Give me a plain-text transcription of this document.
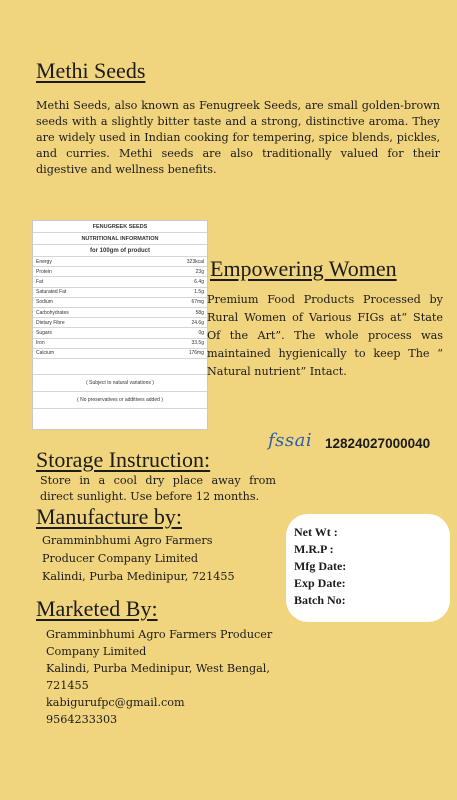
Methi Seeds
Methi Seeds, also known as Fenugreek Seeds, are small golden-brown seeds with a slightly bitter taste and a strong, distinctive aroma. They are widely used in Indian cooking for tempering, spice blends, pickles, and curries. Methi seeds are also traditionally valued for their digestive and wellness benefits.
FENUGREEK SEEDS
NUTRITIONAL INFORMATION
for 100gm of product
Energy	323kcal
Protein	23g
Fat	6.4g
Saturated Fat	1.5g
Sodium	67mg
Carbohydrates	58g
Dietary Fibre	24.6g
Sugars	0g
Iron	33.5g
Calcium	176mg
( Subject to natural variations )
( No preservatives or additives added )
Empowering Women
Premium Food Products Processed by Rural Women of Various FIGs at“ State Of the Art”. The whole process was maintained hygienically to keep The “ Natural nutrient” Intact.
fssai 12824027000040
Storage Instruction:
Store in a cool dry place away from direct sunlight. Use before 12 months.
Manufacture by:
Gramminbhumi Agro Farmers
Producer Company Limited
Kalindi, Purba Medinipur, 721455
Marketed By:
Gramminbhumi Agro Farmers Producer
Company Limited
Kalindi, Purba Medinipur, West Bengal,
721455
kabigurufpc@gmail.com
9564233303
Net Wt :
M.R.P :
Mfg Date:
Exp Date:
Batch No:
